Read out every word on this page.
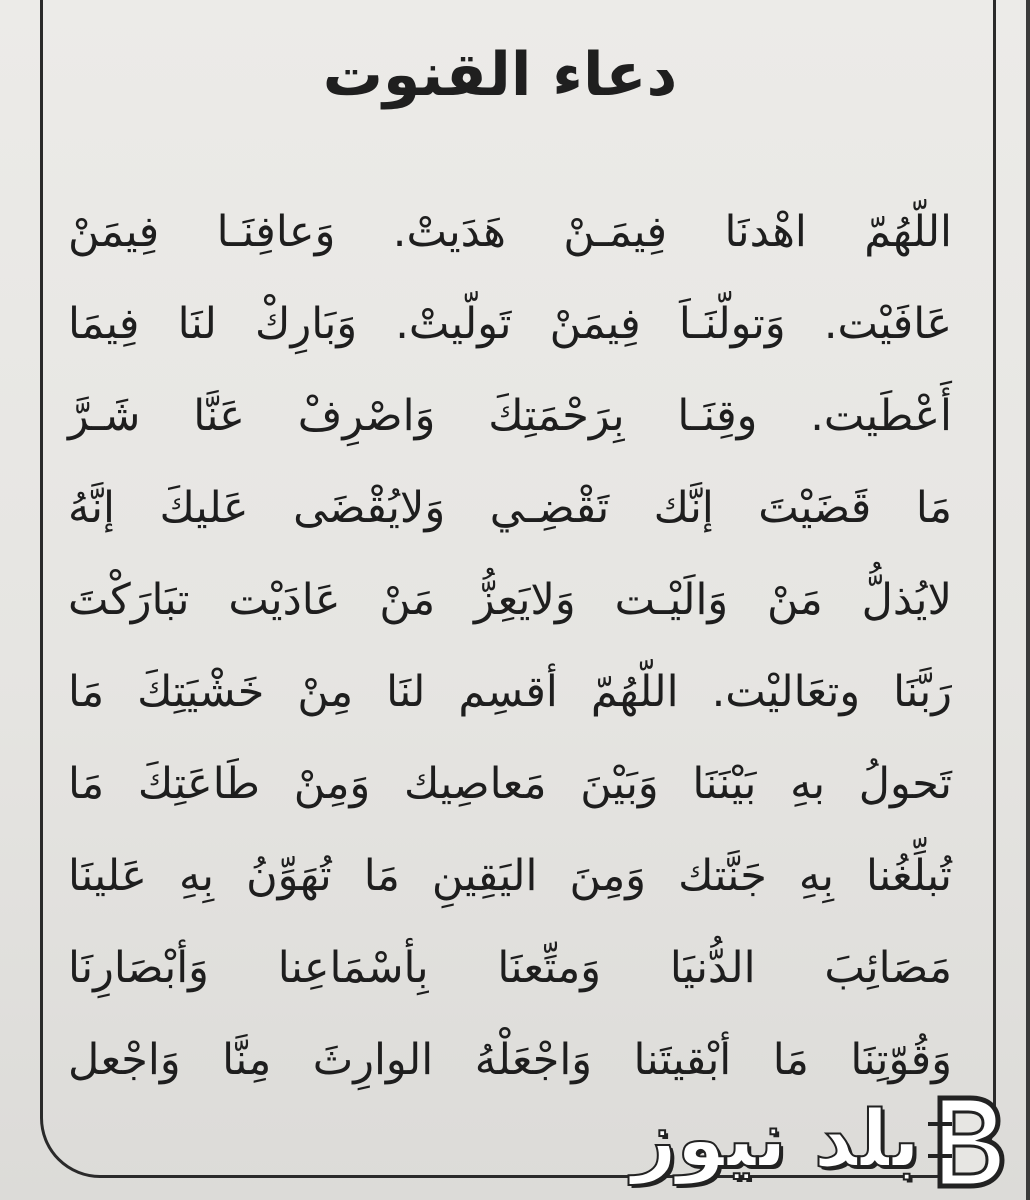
دعاء القنوت
اللّهُمّ اهْدنَا فِيمَـنْ هَدَيتْ. وَعافِنَـا فِيمَنْ
عَافَيْت. وَتولّنَـاَ فِيمَنْ تَولّيتْ. وَبَارِكْ لنَا فِيمَا
أَعْطَيت. وقِنَـا بِرَحْمَتِكَ وَاصْرِفْ عَنَّا شَـرَّ
مَا قَضَيْتَ إنَّك تَقْضِـي وَلايُقْضَى عَليكَ إنَّهُ
لايُذلُّ مَنْ وَالَيْـت وَلايَعِزُّ مَنْ عَادَيْت تبَارَكْتَ
رَبَّنَا وتعَاليْت. اللّهُمّ أقسِم لنَا مِنْ خَشْيَتِكَ مَا
تَحولُ بهِ بَيْنَنَا وَبَيْنَ مَعاصِيك وَمِنْ طَاعَتِكَ مَا
تُبلِّغُنا بِهِ جَنَّتك وَمِنَ اليَقِينِ مَا تُهَوِّنُ بِهِ عَلينَا
مَصَائِبَ الدُّنيَا وَمتِّعنَا بِأسْمَاعِنا وَأبْصَارِنَا
وَقُوّتِنَا مَا أبْقيتَنا وَاجْعَلْهُ الوارِثَ مِنَّا وَاجْعل
بلد نيوز
